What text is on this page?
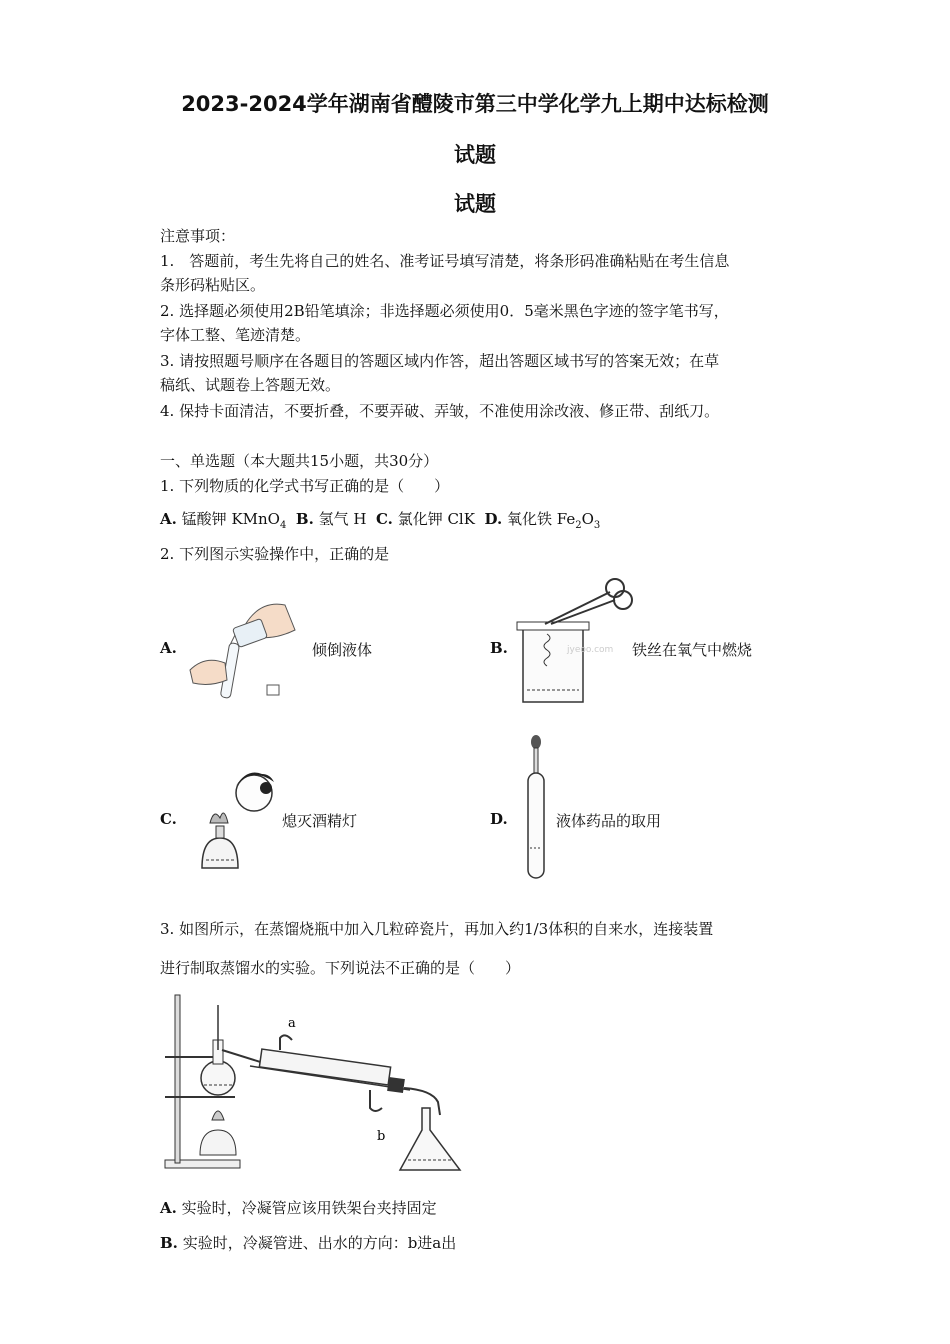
2023-2024学年湖南省醴陵市第三中学化学九上期中达标检测
试题
试题
注意事项：
1.　答题前，考生先将自己的姓名、准考证号填写清楚，将条形码准确粘贴在考生信息
条形码粘贴区。
2. 选择题必须使用2B铅笔填涂；非选择题必须使用0．5毫米黑色字迹的签字笔书写，
字体工整、笔迹清楚。
3. 请按照题号顺序在各题目的答题区域内作答，超出答题区域书写的答案无效；在草
稿纸、试题卷上答题无效。
4. 保持卡面清洁，不要折叠，不要弄破、弄皱，不准使用涂改液、修正带、刮纸刀。
一、单选题（本大题共15小题，共30分）
1. 下列物质的化学式书写正确的是（　　）
A. 锰酸钾 KMnO$_4$ B. 氢气 H C. 氯化钾 ClK D. 氧化铁 $Fe_2O_3$
2. 下列图示实验操作中，正确的是
A.	倾倒液体	B.	jyeoo.com 铁丝在氧气中燃烧
C.	熄灭酒精灯	D.	液体药品的取用
3. 如图所示，在蒸馏烧瓶中加入几粒碎瓷片，再加入约1/3体积的自来水，连接装置
进行制取蒸馏水的实验。下列说法不正确的是（　　）
a
b
A. 实验时，冷凝管应该用铁架台夹持固定
B. 实验时，冷凝管进、出水的方向：b进a出
